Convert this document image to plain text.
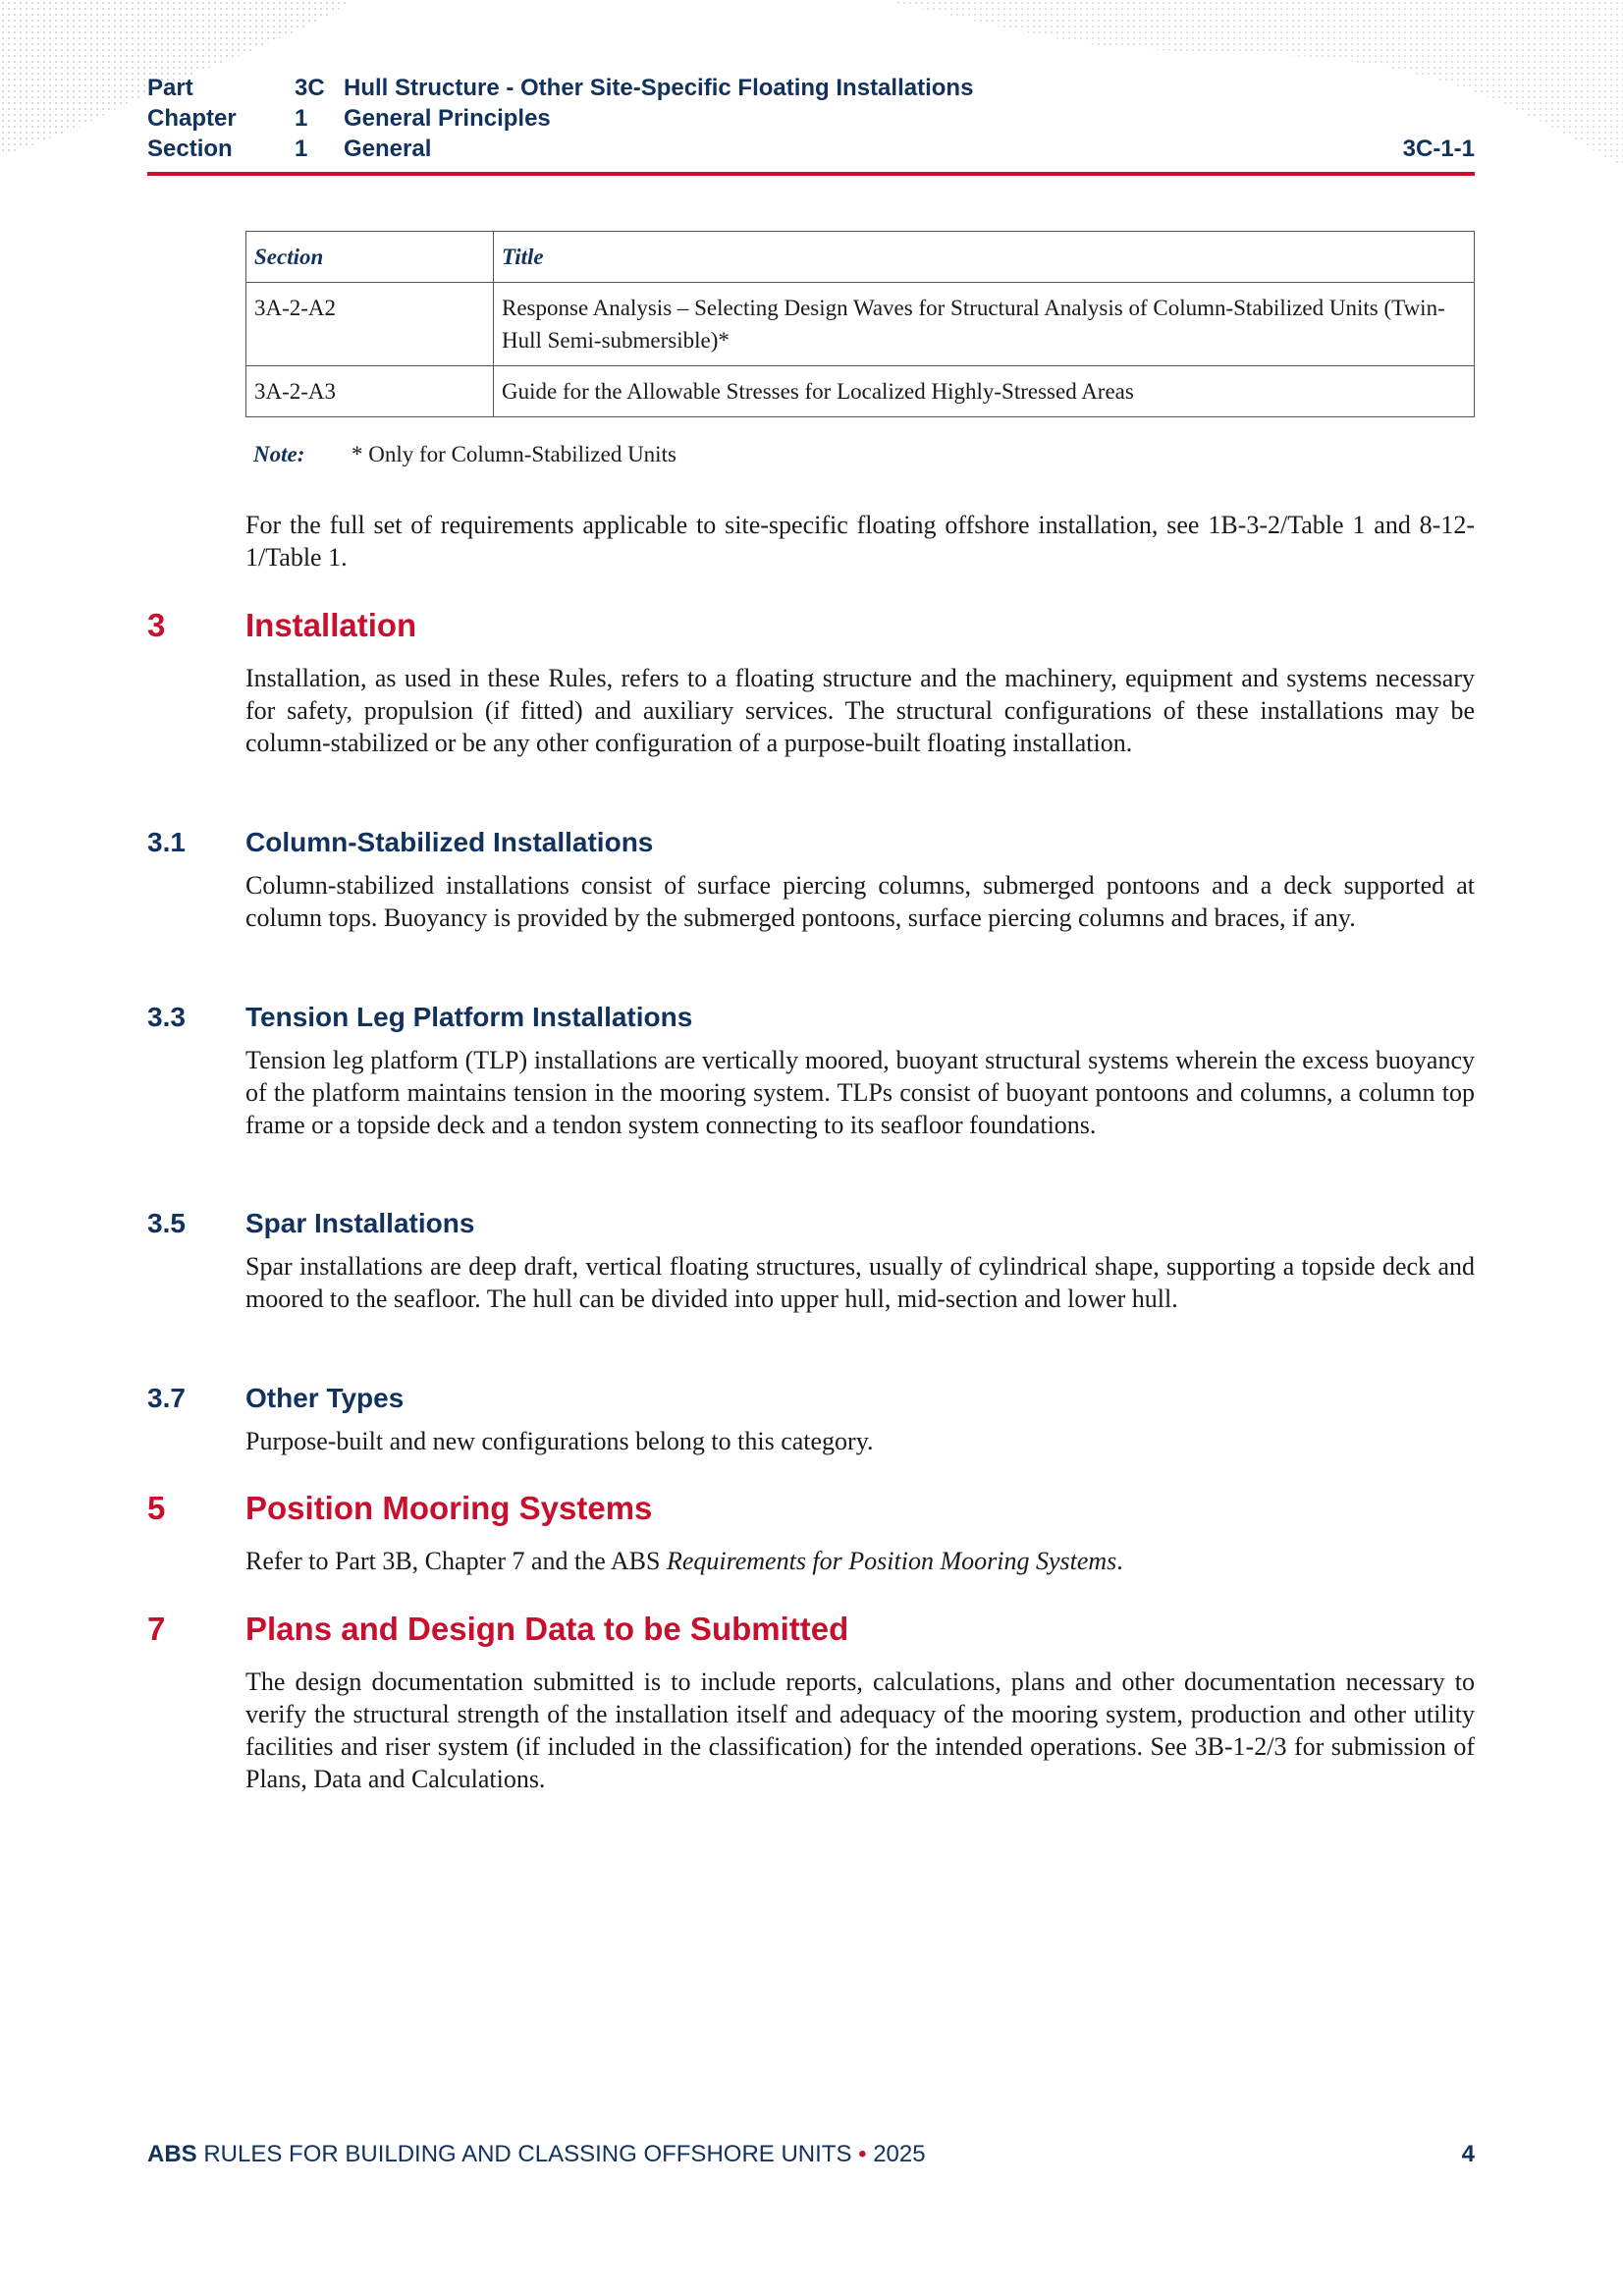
Part	3C Hull Structure - Other Site-Specific Floating Installations
Chapter	1	General Principles
Section	1	General	3C-1-1
Section	Title
3A-2-A2	Response Analysis – Selecting Design Waves for Structural Analysis of Column-Stabilized Units (Twin-Hull Semi-submersible)*
3A-2-A3	Guide for the Allowable Stresses for Localized Highly-Stressed Areas
Note: * Only for Column-Stabilized Units

For the full set of requirements applicable to site-specific floating offshore installation, see 1B-3-2/Table 1 and 8-12-1/Table 1.

3	Installation

Installation, as used in these Rules, refers to a floating structure and the machinery, equipment and systems necessary for safety, propulsion (if fitted) and auxiliary services. The structural configurations of these installations may be column-stabilized or be any other configuration of a purpose-built floating installation.

3.1	Column-Stabilized Installations

Column-stabilized installations consist of surface piercing columns, submerged pontoons and a deck supported at column tops. Buoyancy is provided by the submerged pontoons, surface piercing columns and braces, if any.

3.3	Tension Leg Platform Installations

Tension leg platform (TLP) installations are vertically moored, buoyant structural systems wherein the excess buoyancy of the platform maintains tension in the mooring system. TLPs consist of buoyant pontoons and columns, a column top frame or a topside deck and a tendon system connecting to its seafloor foundations.

3.5	Spar Installations

Spar installations are deep draft, vertical floating structures, usually of cylindrical shape, supporting a topside deck and moored to the seafloor. The hull can be divided into upper hull, mid-section and lower hull.

3.7	Other Types

Purpose-built and new configurations belong to this category.

5	Position Mooring Systems

Refer to Part 3B, Chapter 7 and the ABS Requirements for Position Mooring Systems.

7	Plans and Design Data to be Submitted

The design documentation submitted is to include reports, calculations, plans and other documentation necessary to verify the structural strength of the installation itself and adequacy of the mooring system, production and other utility facilities and riser system (if included in the classification) for the intended operations. See 3B-1-2/3 for submission of Plans, Data and Calculations.

ABS RULES FOR BUILDING AND CLASSING OFFSHORE UNITS • 2025	4
